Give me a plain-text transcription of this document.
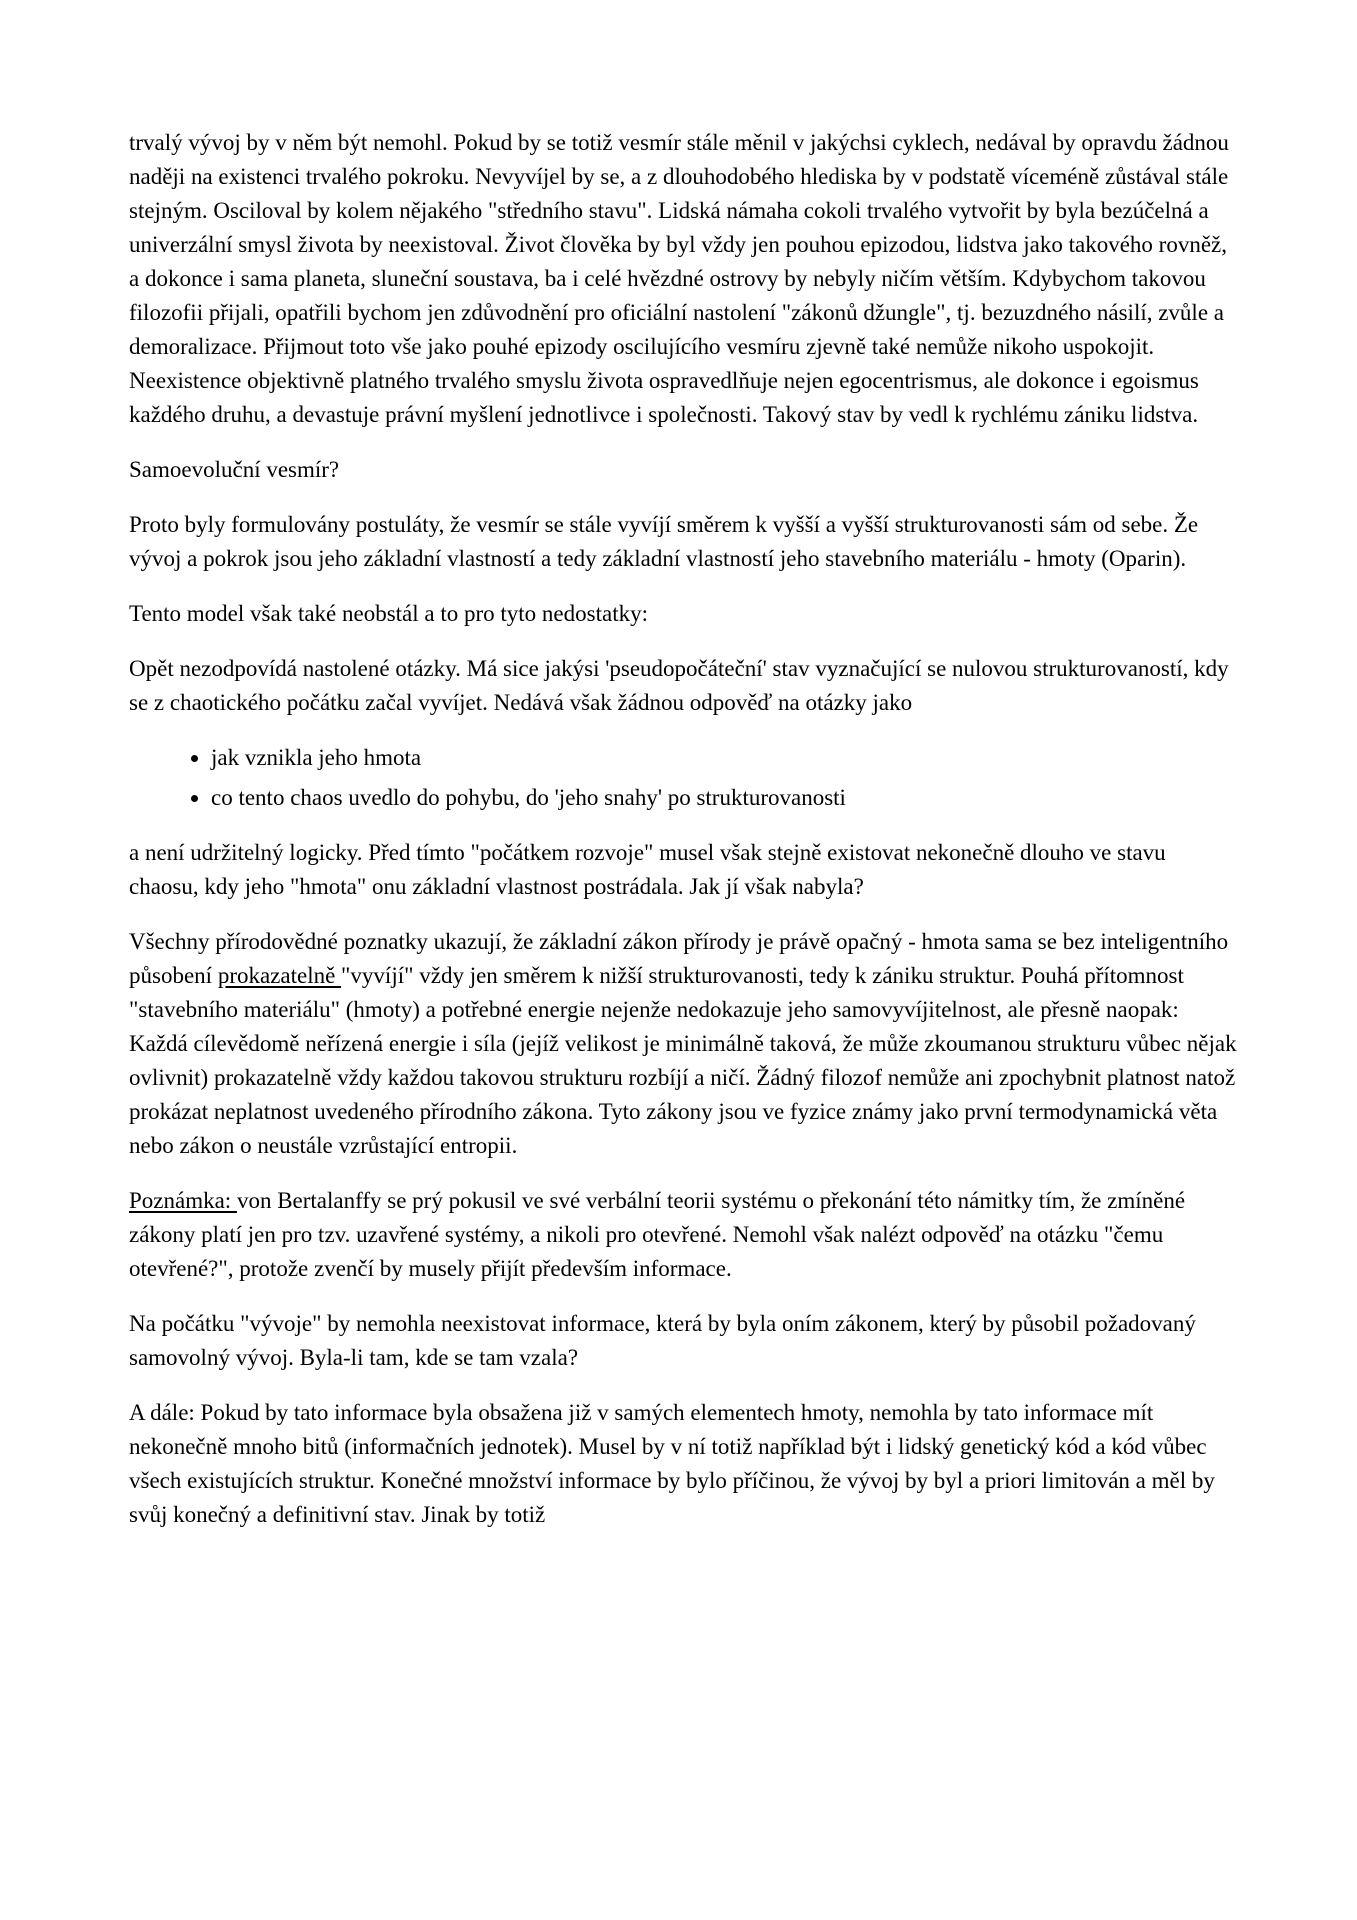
trvalý vývoj by v něm být nemohl. Pokud by se totiž vesmír stále měnil v jakýchsi cyklech, nedával by opravdu žádnou naději na existenci trvalého pokroku. Nevyvíjel by se, a z dlouhodobého hlediska by v podstatě víceméně zůstával stále stejným. Osciloval by kolem nějakého "středního stavu". Lidská námaha cokoli trvalého vytvořit by byla bezúčelná a univerzální smysl života by neexistoval. Život člověka by byl vždy jen pouhou epizodou, lidstva jako takového rovněž, a dokonce i sama planeta, sluneční soustava, ba i celé hvězdné ostrovy by nebyly ničím větším. Kdybychom takovou filozofii přijali, opatřili bychom jen zdůvodnění pro oficiální nastolení "zákonů džungle", tj. bezuzdného násilí, zvůle a demoralizace. Přijmout toto vše jako pouhé epizody oscilujícího vesmíru zjevně také nemůže nikoho uspokojit. Neexistence objektivně platného trvalého smyslu života ospravedlňuje nejen egocentrismus, ale dokonce i egoismus každého druhu, a devastuje právní myšlení jednotlivce i společnosti. Takový stav by vedl k rychlému zániku lidstva.

Samoevoluční vesmír?

Proto byly formulovány postuláty, že vesmír se stále vyvíjí směrem k vyšší a vyšší strukturovanosti sám od sebe. Že vývoj a pokrok jsou jeho základní vlastností a tedy základní vlastností jeho stavebního materiálu - hmoty (Oparin).

Tento model však také neobstál a to pro tyto nedostatky:

Opět nezodpovídá nastolené otázky. Má sice jakýsi 'pseudopočáteční' stav vyznačující se nulovou strukturovaností, kdy se z chaotického počátku začal vyvíjet. Nedává však žádnou odpověď na otázky jako

• jak vznikla jeho hmota
• co tento chaos uvedlo do pohybu, do 'jeho snahy' po strukturovanosti

a není udržitelný logicky. Před tímto "počátkem rozvoje" musel však stejně existovat nekonečně dlouho ve stavu chaosu, kdy jeho "hmota" onu základní vlastnost postrádala. Jak jí však nabyla?

Všechny přírodovědné poznatky ukazují, že základní zákon přírody je právě opačný - hmota sama se bez inteligentního působení prokazatelně "vyvíjí" vždy jen směrem k nižší strukturovanosti, tedy k zániku struktur. Pouhá přítomnost "stavebního materiálu" (hmoty) a potřebné energie nejenže nedokazuje jeho samovyvíjitelnost, ale přesně naopak: Každá cílevědomě neřízená energie i síla (jejíž velikost je minimálně taková, že může zkoumanou strukturu vůbec nějak ovlivnit) prokazatelně vždy každou takovou strukturu rozbíjí a ničí. Žádný filozof nemůže ani zpochybnit platnost natož prokázat neplatnost uvedeného přírodního zákona. Tyto zákony jsou ve fyzice známy jako první termodynamická věta nebo zákon o neustále vzrůstající entropii.

Poznámka: von Bertalanffy se prý pokusil ve své verbální teorii systému o překonání této námitky tím, že zmíněné zákony platí jen pro tzv. uzavřené systémy, a nikoli pro otevřené. Nemohl však nalézt odpověď na otázku "čemu otevřené?", protože zvenčí by musely přijít především informace.

Na počátku "vývoje" by nemohla neexistovat informace, která by byla oním zákonem, který by působil požadovaný samovolný vývoj. Byla-li tam, kde se tam vzala?

A dále: Pokud by tato informace byla obsažena již v samých elementech hmoty, nemohla by tato informace mít nekonečně mnoho bitů (informačních jednotek). Musel by v ní totiž například být i lidský genetický kód a kód vůbec všech existujících struktur. Konečné množství informace by bylo příčinou, že vývoj by byl a priori limitován a měl by svůj konečný a definitivní stav. Jinak by totiž
